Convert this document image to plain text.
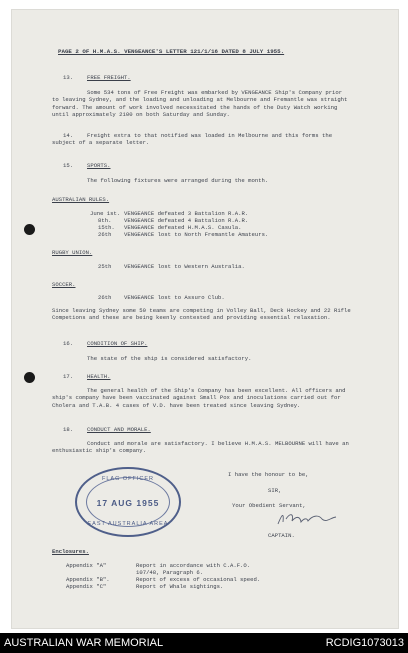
PAGE 2 OF H.M.A.S. VENGEANCE'S LETTER 121/1/16 DATED 8 JULY 1955.
13. FREE FREIGHT.
Some 534 tons of Free Freight was embarked by VENGEANCE Ship's Company prior to leaving Sydney, and the loading and unloading at Melbourne and Fremantle was straight forward. The amount of work involved necessitated the hands of the Duty Watch working until approximately 2100 on both Saturday and Sunday.
14.	Freight extra to that notified was loaded in Melbourne and this forms the subject of a separate letter.
15. SPORTS.
The following fixtures were arranged during the month.
AUSTRALIAN RULES.
June 1st. VENGEANCE defeated 3 Battalion R.A.R.
8th. VENGEANCE defeated 4 Battalion R.A.R.
15th. VENGEANCE defeated H.M.A.S. Casula.
26th VENGEANCE lost to North Fremantle Amateurs.
RUGBY UNION.
25th VENGEANCE lost to Western Australia.
SOCCER.
26th VENGEANCE lost to Assuro Club.
Since leaving Sydney some 50 teams are competing in Volley Ball, Deck Hockey and 22 Rifle Competions and these are being keenly contested and providing essential relaxation.
16. CONDITION OF SHIP.
The state of the ship is considered satisfactory.
17. HEALTH.
The general health of the Ship's Company has been excellent. All officers and ship's company have been vaccinated against Small Pox and inoculations carried out for Cholera and T.A.B. 4 cases of V.D. have been treated since leaving Sydney.
18. CONDUCT AND MORALE.
Conduct and morale are satisfactory. I believe H.M.A.S. MELBOURNE will have an enthusiastic ship's company.
I have the honour to be,
SIR,
Your Obedient Servant,
CAPTAIN.
Enclosures.
Appendix "A"	Report in accordance with C.A.F.O. 107/48, Paragraph 6.
Appendix "B".	Report of excess of occasional speed.
Appendix "C"	Report of Whale sightings.
FLAG OFFICER
17 AUG 1955
EAST AUSTRALIA AREA
AUSTRALIAN WAR MEMORIAL	RCDIG1073013
